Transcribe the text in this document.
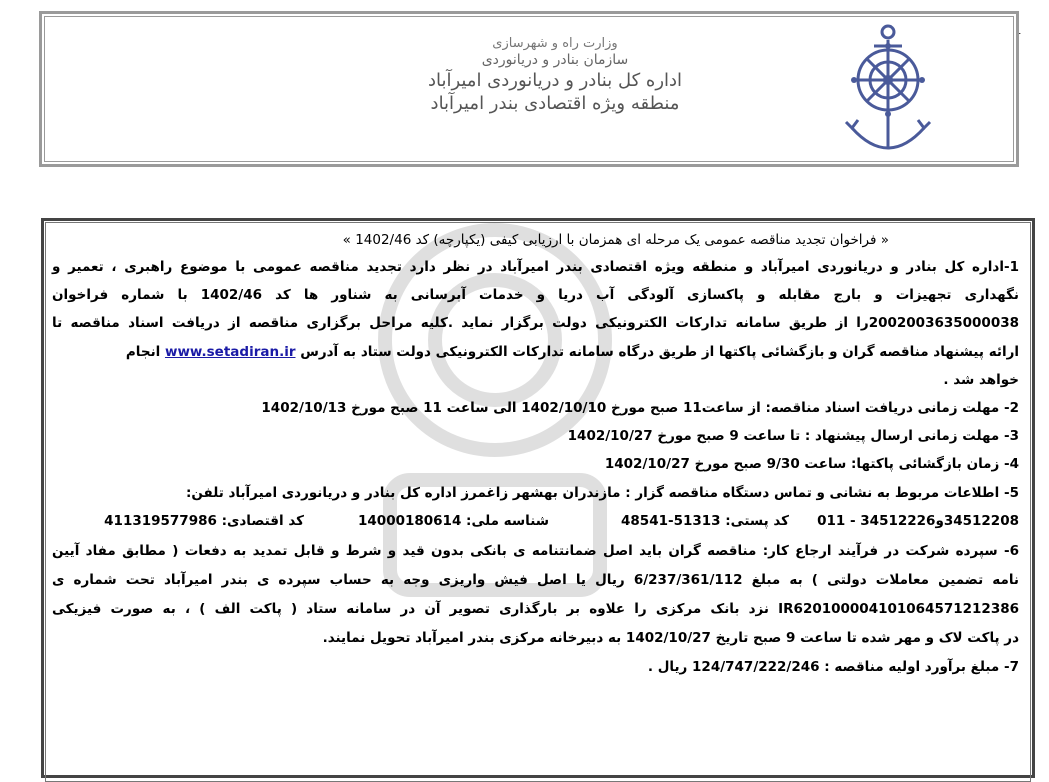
1
وزارت راه و شهرسازی
سازمان بنادر و دریانوردی
اداره کل بنادر و دریانوردی امیرآباد
منطقه ویژه اقتصادی بندر امیرآباد
« فراخوان تجدید مناقصه عمومی یک مرحله ای همزمان با ارزیابی کیفی (یکپارچه) کد 1402/46 »
1-اداره کل بنادر و دریانوردی امیرآباد و منطقه ویژه اقتصادی بندر امیرآباد در نظر دارد تجدید مناقصه عمومی با موضوع راهبری ، تعمیر و
نگهداری تجهیزات و بارج مقابله و پاکسازی آلودگی آب دریا و خدمات آبرسانی به شناور ها کد 1402/46 با شماره فراخوان
2002003635000038را از طریق سامانه تدارکات الکترونیکی دولت برگزار نماید .کلیه مراحل برگزاری مناقصه از دریافت اسناد مناقصه تا
ارائه پیشنهاد مناقصه گران و بازگشائی پاکتها از طریق درگاه سامانه تدارکات الکترونیکی دولت ستاد به آدرس www.setadiran.ir انجام
خواهد شد .
2- مهلت زمانی دریافت اسناد مناقصه: از ساعت11 صبح مورخ 1402/10/10 الی ساعت 11 صبح مورخ 1402/10/13
3- مهلت زمانی ارسال پیشنهاد : تا ساعت 9 صبح مورخ 1402/10/27
4- زمان بازگشائی پاکتها: ساعت 9/30 صبح مورخ 1402/10/27
5- اطلاعات مربوط به نشانی و تماس دستگاه مناقصه گزار : مازندران بهشهر زاغمرز اداره کل بنادر و دریانوردی امیرآباد تلفن:
34512208و34512226 - 011
کد پستی: 51313-48541
شناسه ملی: 14000180614
کد اقتصادی: 411319577986
6- سپرده شرکت در فرآیند ارجاع کار: مناقصه گران باید اصل ضمانتنامه ی بانکی بدون قید و شرط و قابل تمدید به دفعات ( مطابق مفاد آیین
نامه تضمین معاملات دولتی ) به مبلغ 6/237/361/112 ریال یا اصل فیش واریزی وجه به حساب سپرده ی بندر امیرآباد تحت شماره ی
IR620100004101064571212386 نزد بانک مرکزی را علاوه بر بارگذاری تصویر آن در سامانه ستاد ( پاکت الف ) ، به صورت فیزیکی
در پاکت لاک و مهر شده تا ساعت 9 صبح تاریخ 1402/10/27 به دبیرخانه مرکزی بندر امیرآباد تحویل نمایند.
7- مبلغ برآورد اولیه مناقصه : 124/747/222/246 ریال .
